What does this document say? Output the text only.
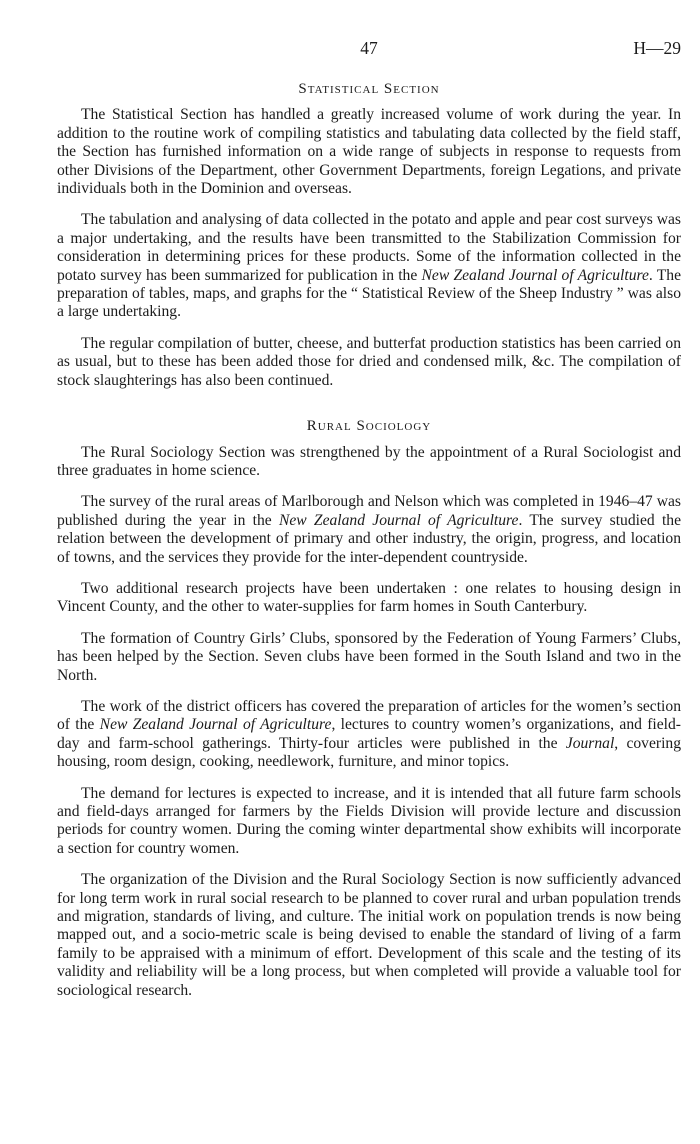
47	H—29
Statistical Section

The Statistical Section has handled a greatly increased volume of work during the year. In addition to the routine work of compiling statistics and tabulating data collected by the field staff, the Section has furnished information on a wide range of subjects in response to requests from other Divisions of the Department, other Government Departments, foreign Legations, and private individuals both in the Dominion and overseas.

The tabulation and analysing of data collected in the potato and apple and pear cost surveys was a major undertaking, and the results have been transmitted to the Stabilization Commission for consideration in determining prices for these products. Some of the information collected in the potato survey has been summarized for publication in the New Zealand Journal of Agriculture. The preparation of tables, maps, and graphs for the “ Statistical Review of the Sheep Industry ” was also a large undertaking.

The regular compilation of butter, cheese, and butterfat production statistics has been carried on as usual, but to these has been added those for dried and condensed milk, &c. The compilation of stock slaughterings has also been continued.

Rural Sociology

The Rural Sociology Section was strengthened by the appointment of a Rural Sociologist and three graduates in home science.

The survey of the rural areas of Marlborough and Nelson which was completed in 1946–47 was published during the year in the New Zealand Journal of Agriculture. The survey studied the relation between the development of primary and other industry, the origin, progress, and location of towns, and the services they provide for the inter-dependent countryside.

Two additional research projects have been undertaken : one relates to housing design in Vincent County, and the other to water-supplies for farm homes in South Canterbury.

The formation of Country Girls’ Clubs, sponsored by the Federation of Young Farmers’ Clubs, has been helped by the Section. Seven clubs have been formed in the South Island and two in the North.

The work of the district officers has covered the preparation of articles for the women’s section of the New Zealand Journal of Agriculture, lectures to country women’s organizations, and field-day and farm-school gatherings. Thirty-four articles were published in the Journal, covering housing, room design, cooking, needlework, furniture, and minor topics.

The demand for lectures is expected to increase, and it is intended that all future farm schools and field-days arranged for farmers by the Fields Division will provide lecture and discussion periods for country women. During the coming winter departmental show exhibits will incorporate a section for country women.

The organization of the Division and the Rural Sociology Section is now sufficiently advanced for long term work in rural social research to be planned to cover rural and urban population trends and migration, standards of living, and culture. The initial work on population trends is now being mapped out, and a socio-metric scale is being devised to enable the standard of living of a farm family to be appraised with a minimum of effort. Development of this scale and the testing of its validity and reliability will be a long process, but when completed will provide a valuable tool for sociological research.
